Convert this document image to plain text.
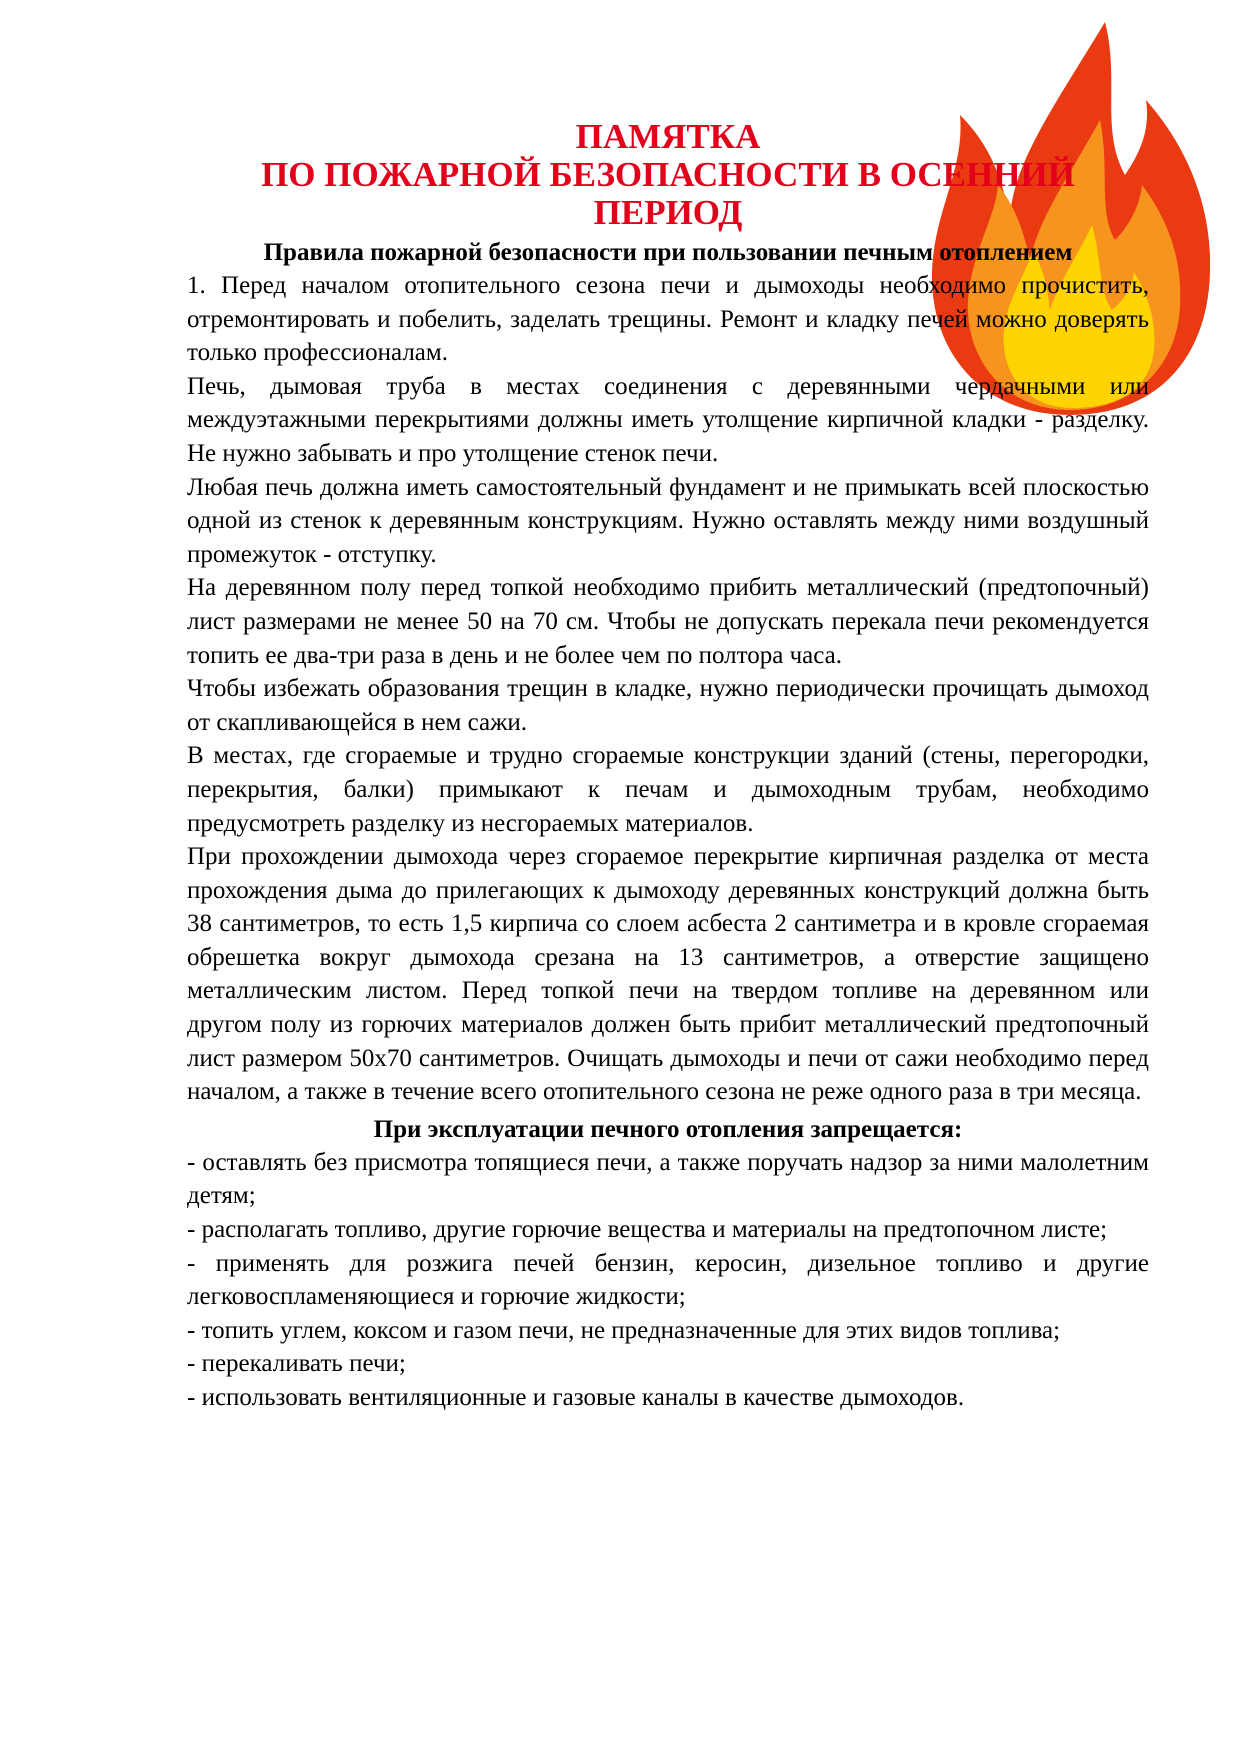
ПАМЯТКА
ПО ПОЖАРНОЙ БЕЗОПАСНОСТИ В ОСЕННИЙ
ПЕРИОД

Правила пожарной безопасности при пользовании печным отоплением

1. Перед началом отопительного сезона печи и дымоходы необходимо прочистить, отремонтировать и побелить, заделать трещины. Ремонт и кладку печей можно доверять только профессионалам.

Печь, дымовая труба в местах соединения с деревянными чердачными или междуэтажными перекрытиями должны иметь утолщение кирпичной кладки - разделку. Не нужно забывать и про утолщение стенок печи.

Любая печь должна иметь самостоятельный фундамент и не примыкать всей плоскостью одной из стенок к деревянным конструкциям. Нужно оставлять между ними воздушный промежуток - отступку.

На деревянном полу перед топкой необходимо прибить металлический (предтопочный) лист размерами не менее 50 на 70 см. Чтобы не допускать перекала печи рекомендуется топить ее два-три раза в день и не более чем по полтора часа.

Чтобы избежать образования трещин в кладке, нужно периодически прочищать дымоход от скапливающейся в нем сажи.

В местах, где сгораемые и трудно сгораемые конструкции зданий (стены, перегородки, перекрытия, балки) примыкают к печам и дымоходным трубам, необходимо предусмотреть разделку из несгораемых материалов.

При прохождении дымохода через сгораемое перекрытие кирпичная разделка от места прохождения дыма до прилегающих к дымоходу деревянных конструкций должна быть 38 сантиметров, то есть 1,5 кирпича со слоем асбеста 2 сантиметра и в кровле сгораемая обрешетка вокруг дымохода срезана на 13 сантиметров, а отверстие защищено металлическим листом. Перед топкой печи на твердом топливе на деревянном или другом полу из горючих материалов должен быть прибит металлический предтопочный лист размером 50х70 сантиметров. Очищать дымоходы и печи от сажи необходимо перед началом, а также в течение всего отопительного сезона не реже одного раза в три месяца.

При эксплуатации печного отопления запрещается:

- оставлять без присмотра топящиеся печи, а также поручать надзор за ними малолетним детям;
- располагать топливо, другие горючие вещества и материалы на предтопочном листе;
- применять для розжига печей бензин, керосин, дизельное топливо и другие легковоспламеняющиеся и горючие жидкости;
- топить углем, коксом и газом печи, не предназначенные для этих видов топлива;
- перекаливать печи;
- использовать вентиляционные и газовые каналы в качестве дымоходов.
